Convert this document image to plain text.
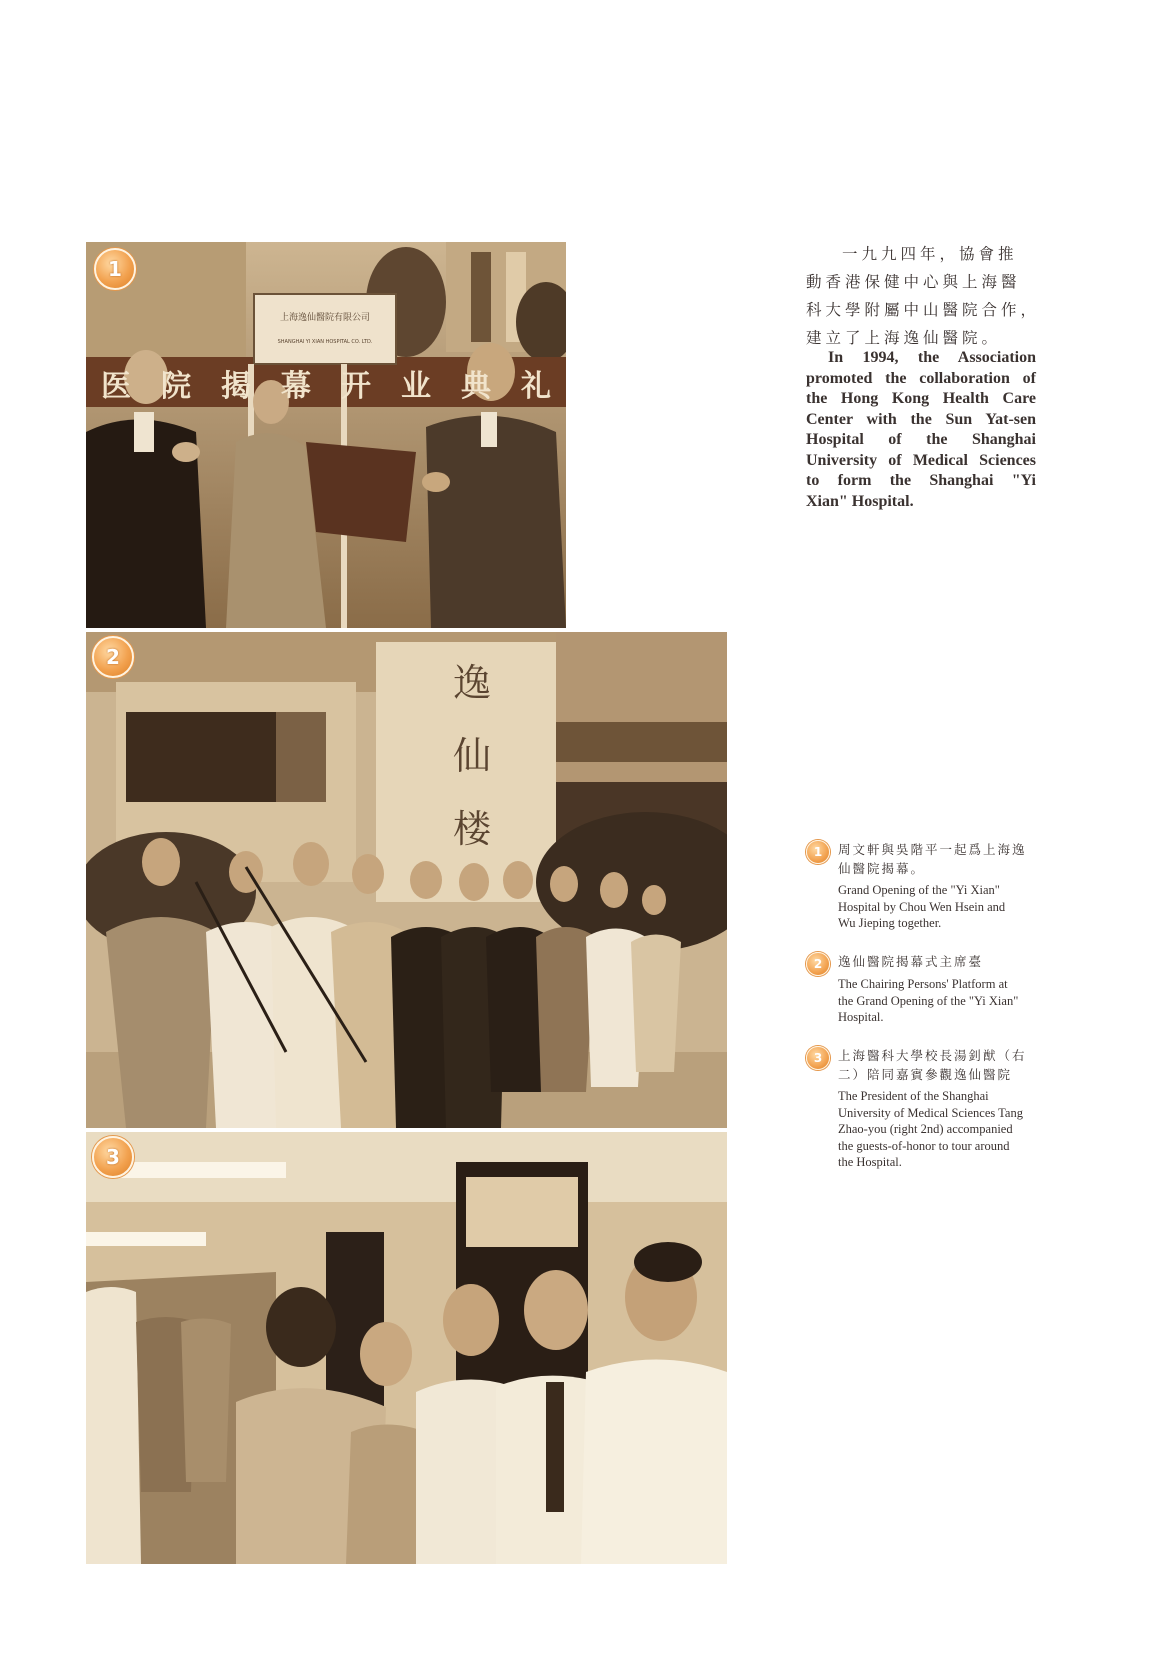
上海逸仙醫院有限公司
SHANGHAI YI XIAN HOSPITAL CO. LTD.
医 院 揭 幕 开 业 典 礼
1
逸
仙
楼
2
3
一九九四年，協會推
動香港保健中心與上海醫
科大學附屬中山醫院合作，
建立了上海逸仙醫院。
In 1994, the Association
promoted the collaboration of
the Hong Kong Health Care
Center with the Sun Yat-sen
Hospital of the Shanghai
University of Medical Sciences
to form the Shanghai "Yi
Xian" Hospital.
1	周文軒與吳階平一起爲上海逸
仙醫院揭幕。
Grand Opening of the "Yi Xian"
Hospital by Chou Wen Hsein and
Wu Jieping together.
2	逸仙醫院揭幕式主席臺
The Chairing Persons' Platform at
the Grand Opening of the "Yi Xian"
Hospital.
3	上海醫科大學校長湯釗猷（右
二）陪同嘉賓參觀逸仙醫院
The President of the Shanghai
University of Medical Sciences Tang
Zhao-you (right 2nd) accompanied
the guests-of-honor to tour around
the Hospital.
